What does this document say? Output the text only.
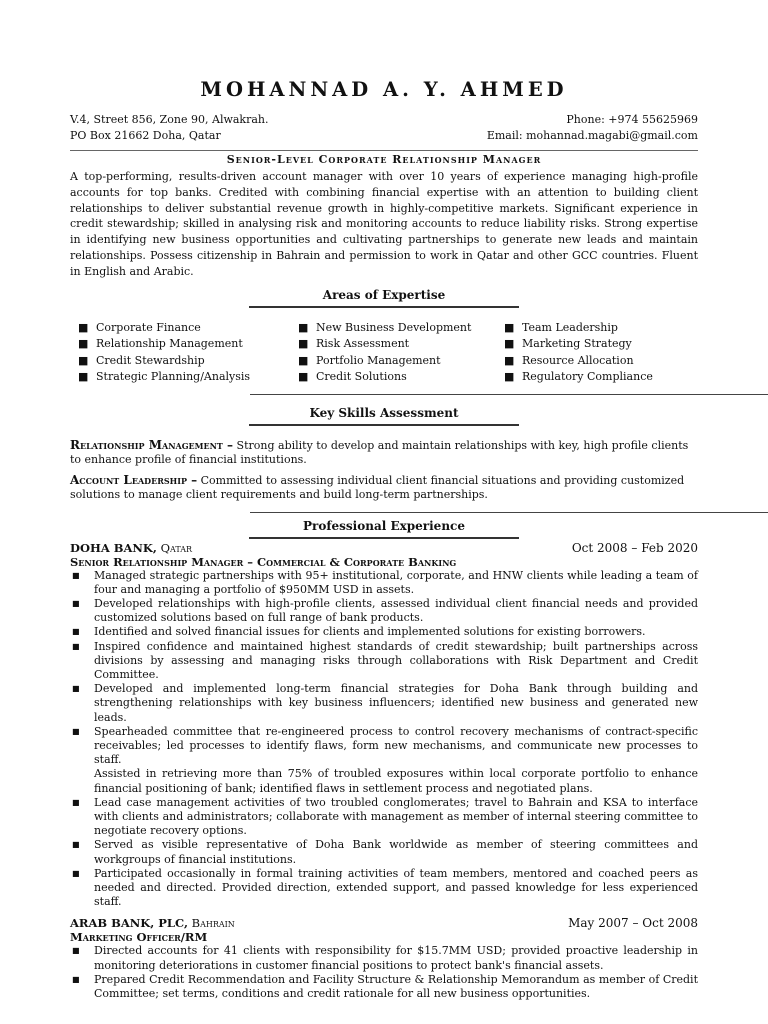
MOHANNAD A. Y. AHMED
V.4, Street 856, Zone 90, Alwakrah.
PO Box 21662 Doha, Qatar
Phone: +974 55625969
Email: mohannad.magabi@gmail.com
Senior-Level Corporate Relationship Manager
A top-performing, results-driven account manager with over 10 years of experience managing high-profile accounts for top banks. Credited with combining financial expertise with an attention to building client relationships to deliver substantial revenue growth in highly-competitive markets. Significant experience in credit stewardship; skilled in analysing risk and monitoring accounts to reduce liability risks. Strong expertise in identifying new business opportunities and cultivating partnerships to generate new leads and maintain relationships. Possess citizenship in Bahrain and permission to work in Qatar and other GCC countries. Fluent in English and Arabic.
Areas of Expertise
■ Corporate Finance
■ Relationship Management
■ Credit Stewardship
■ Strategic Planning/Analysis
■ New Business Development
■ Risk Assessment
■ Portfolio Management
■ Credit Solutions
■ Team Leadership
■ Marketing Strategy
■ Resource Allocation
■ Regulatory Compliance
Key Skills Assessment
Relationship Management – Strong ability to develop and maintain relationships with key, high profile clients to enhance profile of financial institutions.
Account Leadership – Committed to assessing individual client financial situations and providing customized solutions to manage client requirements and build long-term partnerships.
Professional Experience
DOHA BANK, Qatar	Oct 2008 – Feb 2020
Senior Relationship Manager – Commercial & Corporate Banking
■ Managed strategic partnerships with 95+ institutional, corporate, and HNW clients while leading a team of four and managing a portfolio of $950MM USD in assets.
■ Developed relationships with high-profile clients, assessed individual client financial needs and provided customized solutions based on full range of bank products.
■ Identified and solved financial issues for clients and implemented solutions for existing borrowers.
■ Inspired confidence and maintained highest standards of credit stewardship; built partnerships across divisions by assessing and managing risks through collaborations with Risk Department and Credit Committee.
■ Developed and implemented long-term financial strategies for Doha Bank through building and strengthening relationships with key business influencers; identified new business and generated new leads.
■ Spearheaded committee that re-engineered process to control recovery mechanisms of contract-specific receivables; led processes to identify flaws, form new mechanisms, and communicate new processes to staff.
Assisted in retrieving more than 75% of troubled exposures within local corporate portfolio to enhance financial positioning of bank; identified flaws in settlement process and negotiated plans.
■ Lead case management activities of two troubled conglomerates; travel to Bahrain and KSA to interface with clients and administrators; collaborate with management as member of internal steering committee to negotiate recovery options.
■ Served as visible representative of Doha Bank worldwide as member of steering committees and workgroups of financial institutions.
■ Participated occasionally in formal training activities of team members, mentored and coached peers as needed and directed. Provided direction, extended support, and passed knowledge for less experienced staff.
ARAB BANK, PLC, Bahrain	May 2007 – Oct 2008
Marketing Officer/RM
■ Directed accounts for 41 clients with responsibility for $15.7MM USD; provided proactive leadership in monitoring deteriorations in customer financial positions to protect bank's financial assets.
■ Prepared Credit Recommendation and Facility Structure & Relationship Memorandum as member of Credit Committee; set terms, conditions and credit rationale for all new business opportunities.
